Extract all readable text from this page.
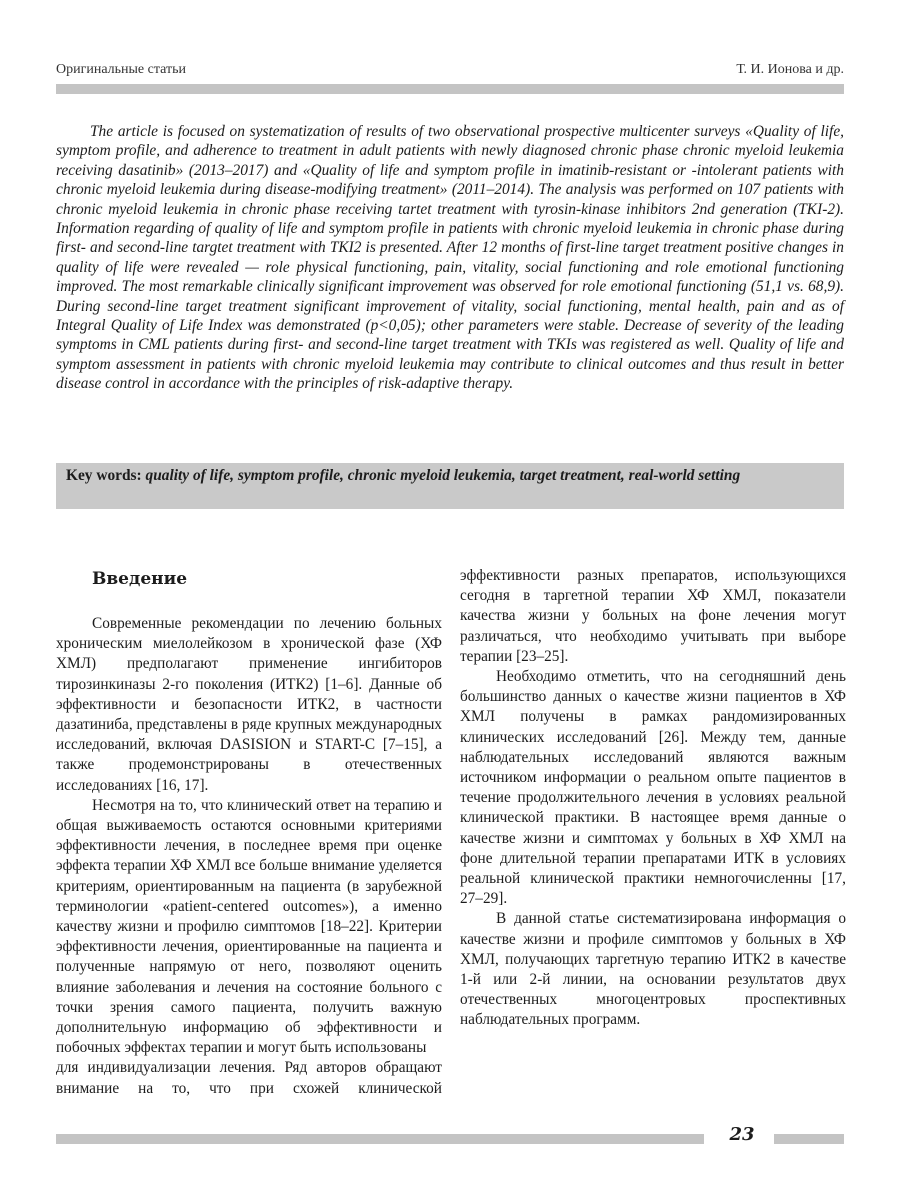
Оригинальные статьи	Т. И. Ионова и др.

The article is focused on systematization of results of two observational prospective multicenter surveys «Quality of life, symptom profile, and adherence to treatment in adult patients with newly diagnosed chronic phase chronic myeloid leukemia receiving dasatinib» (2013–2017) and «Quality of life and symptom profile in imatinib-resistant or -intolerant patients with chronic myeloid leukemia during disease-modifying treatment» (2011–2014). The analysis was performed on 107 patients with chronic myeloid leukemia in chronic phase receiving tartet treatment with tyrosin-kinase inhibitors 2nd generation (TKI-2). Information regarding of quality of life and symptom profile in patients with chronic myeloid leukemia in chronic phase during first- and second-line targtet treatment with TKI2 is presented. After 12 months of first-line target treatment positive changes in quality of life were revealed — role physical functioning, pain, vitality, social functioning and role emotional functioning improved. The most remarkable clinically significant improvement was observed for role emotional functioning (51,1 vs. 68,9). During second-line target treatment significant improvement of vitality, social functioning, mental health, pain and as of Integral Quality of Life Index was demonstrated (p<0,05); other parameters were stable. Decrease of severity of the leading symptoms in CML patients during first- and second-line target treatment with TKIs was registered as well. Quality of life and symptom assessment in patients with chronic myeloid leukemia may contribute to clinical outcomes and thus result in better disease control in accordance with the principles of risk-adaptive therapy.

Key words: quality of life, symptom profile, chronic myeloid leukemia, target treatment, real-world setting

Введение

Современные рекомендации по лечению больных хроническим миелолейкозом в хронической фазе (ХФ ХМЛ) предполагают применение ингибиторов тирозинкиназы 2-го поколения (ИТК2) [1–6]. Данные об эффективности и безопасности ИТК2, в частности дазатиниба, представлены в ряде крупных международных исследований, включая DASISION и START-C [7–15], а также продемонстрированы в отечественных исследованиях [16, 17].

Несмотря на то, что клинический ответ на терапию и общая выживаемость остаются основными критериями эффективности лечения, в последнее время при оценке эффекта терапии ХФ ХМЛ все больше внимание уделяется критериям, ориентированным на пациента (в зарубежной терминологии «patient-centered outcomes»), а именно качеству жизни и профилю симптомов [18–22]. Критерии эффективности лечения, ориентированные на пациента и полученные напрямую от него, позволяют оценить влияние заболевания и лечения на состояние больного с точки зрения самого пациента, получить важную дополнительную информацию об эффективности и побочных эффектах терапии и могут быть использованы

для индивидуализации лечения. Ряд авторов обращают внимание на то, что при схожей клинической эффективности разных препаратов, использующихся сегодня в таргетной терапии ХФ ХМЛ, показатели качества жизни у больных на фоне лечения могут различаться, что необходимо учитывать при выборе терапии [23–25].

Необходимо отметить, что на сегодняшний день большинство данных о качестве жизни пациентов в ХФ ХМЛ получены в рамках рандомизированных клинических исследований [26]. Между тем, данные наблюдательных исследований являются важным источником информации о реальном опыте пациентов в течение продолжительного лечения в условиях реальной клинической практики. В настоящее время данные о качестве жизни и симптомах у больных в ХФ ХМЛ на фоне длительной терапии препаратами ИТК в условиях реальной клинической практики немногочисленны [17, 27–29].

В данной статье систематизирована информация о качестве жизни и профиле симптомов у больных в ХФ ХМЛ, получающих таргетную терапию ИТК2 в качестве 1-й или 2-й линии, на основании результатов двух отечественных многоцентровых проспективных наблюдательных программ.

23
